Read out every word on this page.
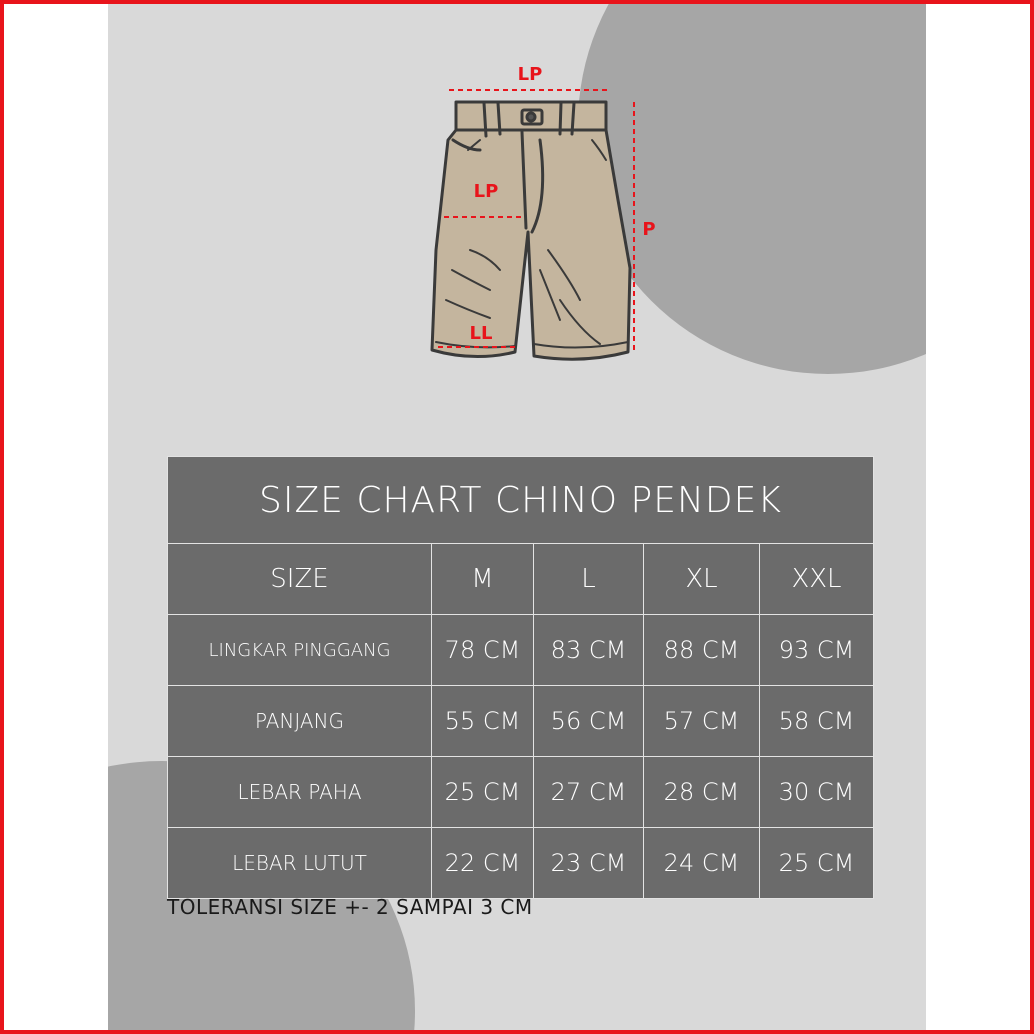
LP
LP
P
LL
SIZE CHART CHINO PENDEK				
SIZE	M	L	XL	XXL
LINGKAR PINGGANG	78 CM	83 CM	88 CM	93 CM
PANJANG	55 CM	56 CM	57 CM	58 CM
LEBAR PAHA	25 CM	27 CM	28 CM	30 CM
LEBAR LUTUT	22 CM	23 CM	24 CM	25 CM
TOLERANSI SIZE +- 2 SAMPAI 3 CM
